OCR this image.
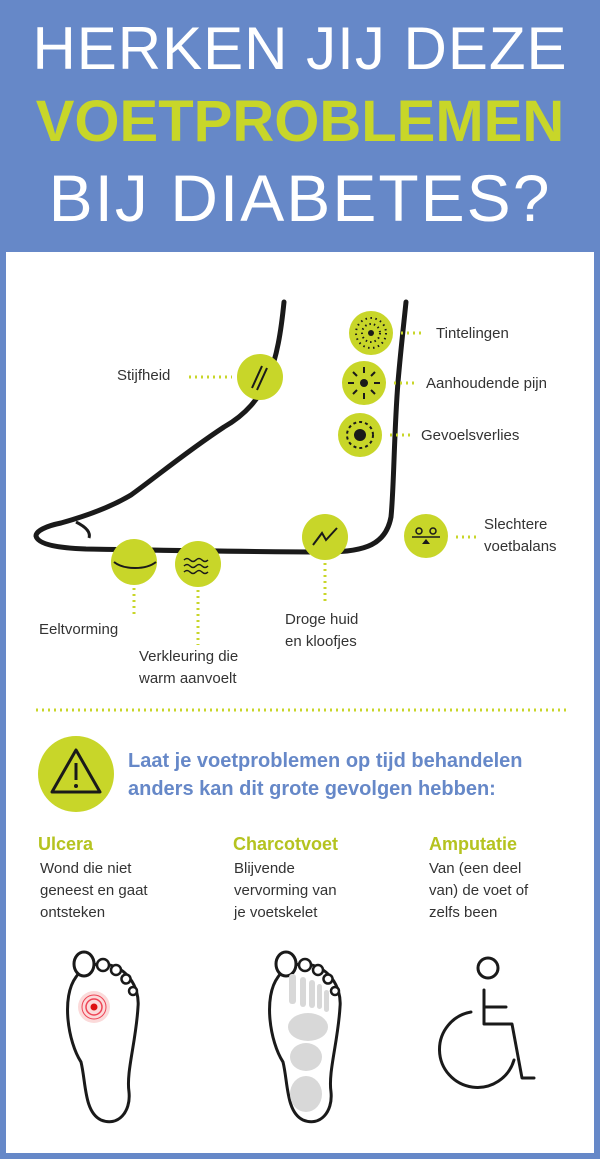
HERKEN JIJ DEZE
VOETPROBLEMEN
BIJ DIABETES?
Stijfheid
Tintelingen
Aanhoudende pijn
Gevoelsverlies
Slechtere
voetbalans
Eeltvorming
Verkleuring die
warm aanvoelt
Droge huid
en kloofjes
Laat je voetproblemen op tijd behandelen
anders kan dit grote gevolgen hebben:
Ulcera
Wond die niet
geneest en gaat
ontsteken
Charcotvoet
Blijvende
vervorming van
je voetskelet
Amputatie
Van (een deel
van) de voet of
zelfs been
